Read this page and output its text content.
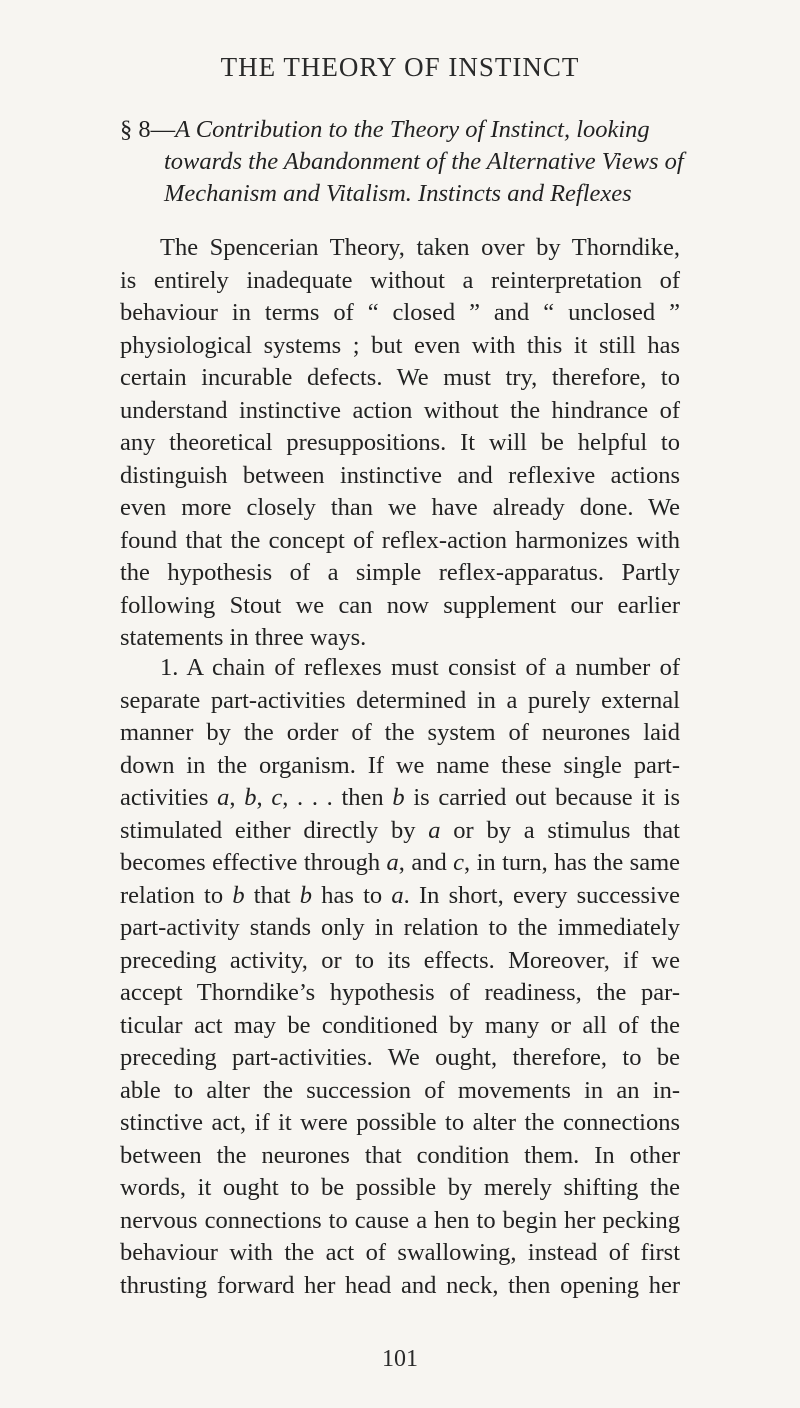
THE THEORY OF INSTINCT
§ 8—A Contribution to the Theory of Instinct, looking
towards the Abandonment of the Alternative Views of
Mechanism and Vitalism. Instincts and Reflexes
The Spencerian Theory, taken over by Thorndike,
is entirely inadequate without a reinterpretation of
behaviour in terms of “ closed ” and “ unclosed ”
physiological systems ; but even with this it still has
certain incurable defects. We must try, therefore, to
understand instinctive action without the hindrance of
any theoretical presuppositions. It will be helpful to
distinguish between instinctive and reflexive actions
even more closely than we have already done. We
found that the concept of reflex-action harmonizes with
the hypothesis of a simple reflex-apparatus. Partly
following Stout we can now supplement our earlier
statements in three ways.
1. A chain of reflexes must consist of a number of
separate part-activities determined in a purely external
manner by the order of the system of neurones laid
down in the organism. If we name these single part-
activities a, b, c, . . . then b is carried out because it is
stimulated either directly by a or by a stimulus that
becomes effective through a, and c, in turn, has the same
relation to b that b has to a. In short, every successive
part-activity stands only in relation to the immediately
preceding activity, or to its effects. Moreover, if we
accept Thorndike’s hypothesis of readiness, the par-
ticular act may be conditioned by many or all of the
preceding part-activities. We ought, therefore, to be
able to alter the succession of movements in an in-
stinctive act, if it were possible to alter the connections
between the neurones that condition them. In other
words, it ought to be possible by merely shifting the
nervous connections to cause a hen to begin her pecking
behaviour with the act of swallowing, instead of first
thrusting forward her head and neck, then opening her
101
